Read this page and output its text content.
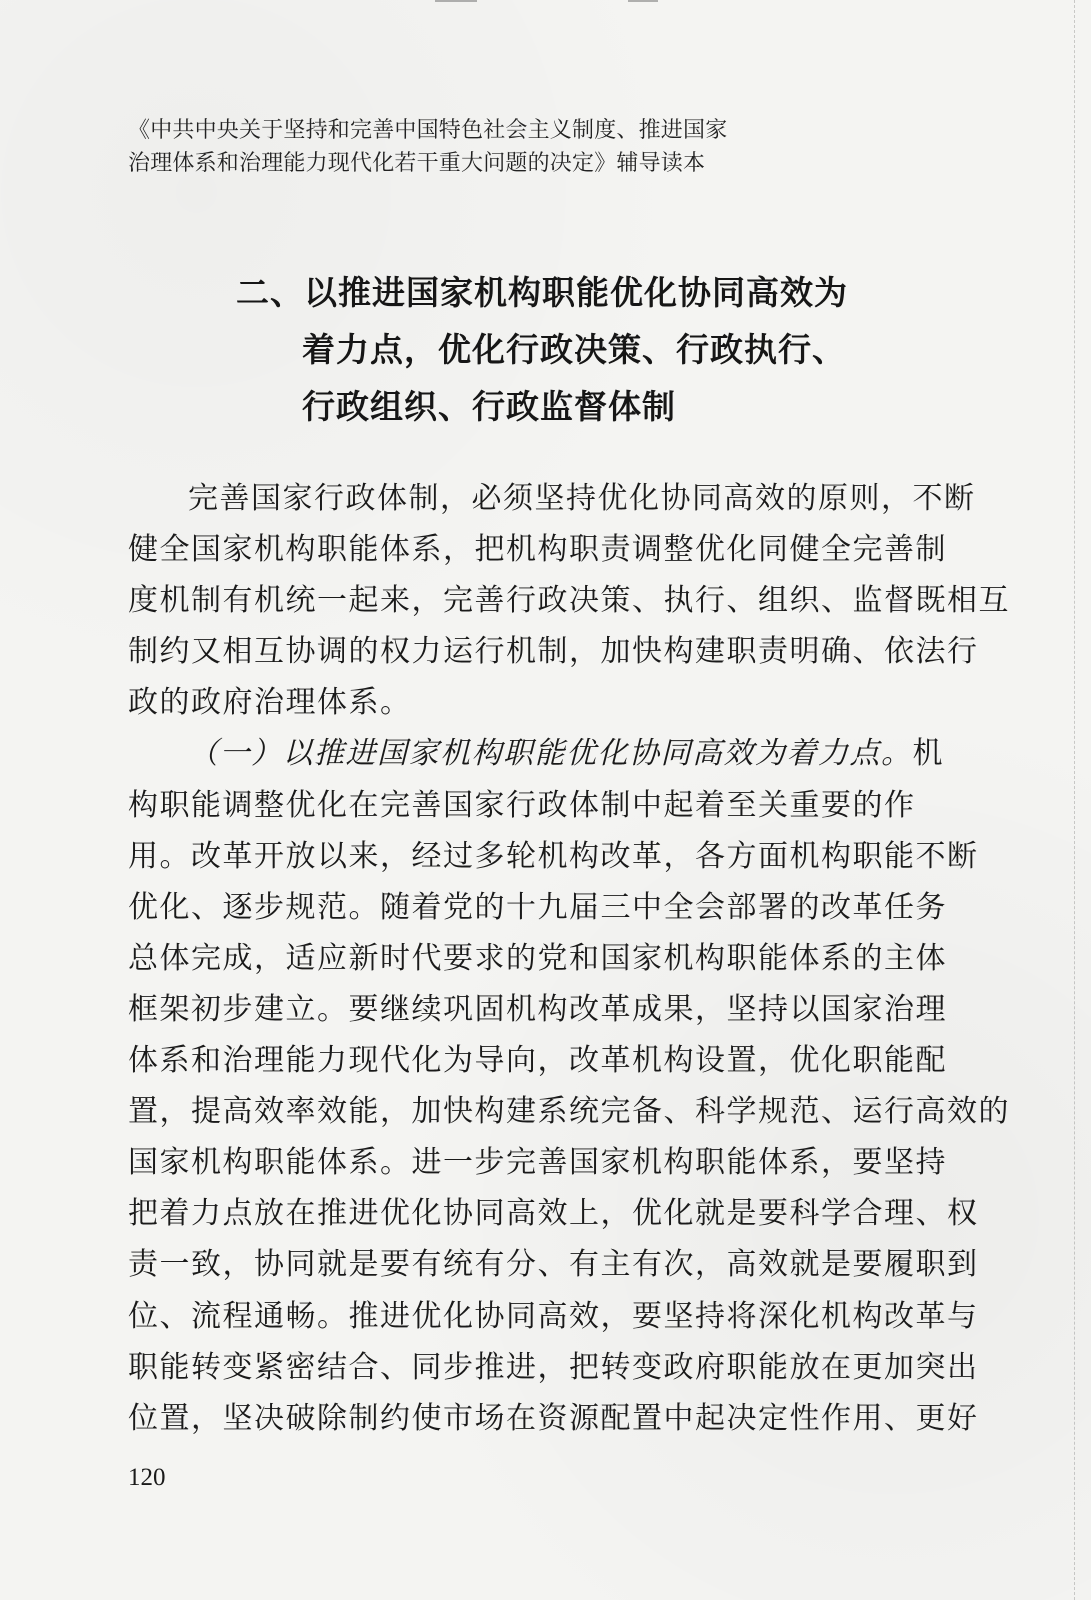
《中共中央关于坚持和完善中国特色社会主义制度、推进国家
治理体系和治理能力现代化若干重大问题的决定》辅导读本
二、以推进国家机构职能优化协同高效为
着力点，优化行政决策、行政执行、
行政组织、行政监督体制
完善国家行政体制，必须坚持优化协同高效的原则，不断
健全国家机构职能体系，把机构职责调整优化同健全完善制
度机制有机统一起来，完善行政决策、执行、组织、监督既相互
制约又相互协调的权力运行机制，加快构建职责明确、依法行
政的政府治理体系。
（一）以推进国家机构职能优化协同高效为着力点。机
构职能调整优化在完善国家行政体制中起着至关重要的作
用。改革开放以来，经过多轮机构改革，各方面机构职能不断
优化、逐步规范。随着党的十九届三中全会部署的改革任务
总体完成，适应新时代要求的党和国家机构职能体系的主体
框架初步建立。要继续巩固机构改革成果，坚持以国家治理
体系和治理能力现代化为导向，改革机构设置，优化职能配
置，提高效率效能，加快构建系统完备、科学规范、运行高效的
国家机构职能体系。进一步完善国家机构职能体系，要坚持
把着力点放在推进优化协同高效上，优化就是要科学合理、权
责一致，协同就是要有统有分、有主有次，高效就是要履职到
位、流程通畅。推进优化协同高效，要坚持将深化机构改革与
职能转变紧密结合、同步推进，把转变政府职能放在更加突出
位置，坚决破除制约使市场在资源配置中起决定性作用、更好
120
